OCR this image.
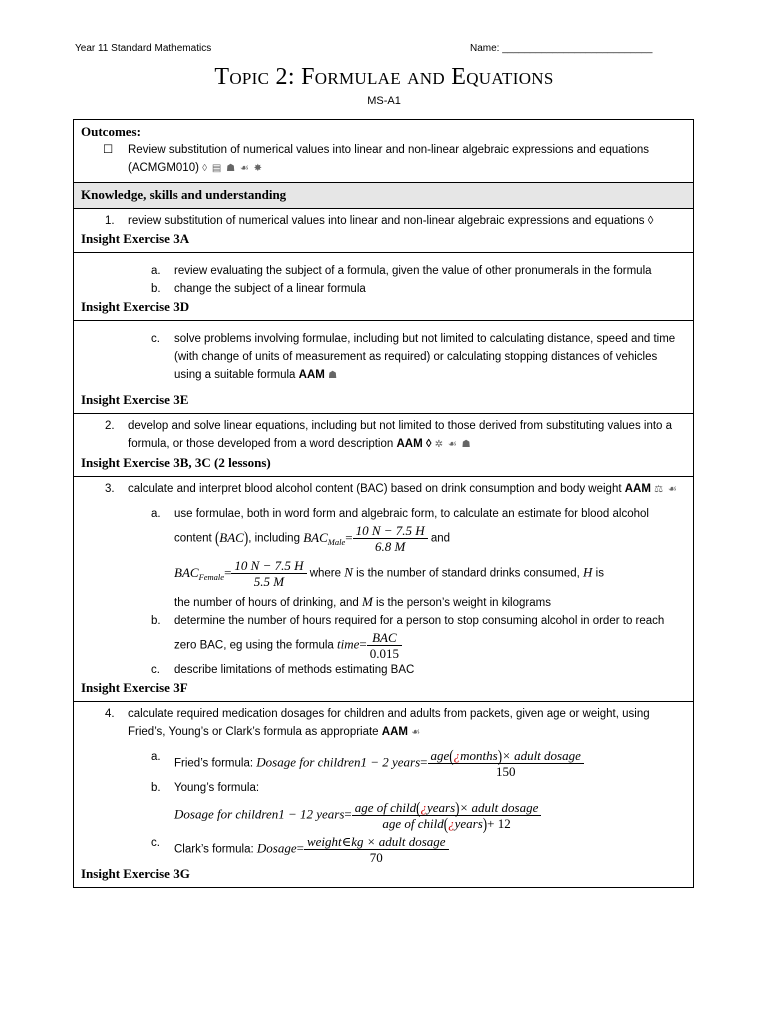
Year 11 Standard Mathematics	Name: ___________________________
Topic 2: Formulae and Equations
MS-A1
Outcomes:
☐ Review substitution of numerical values into linear and non-linear algebraic expressions and equations (ACMGM010) ◊ ▤ ☗ ☙ ✸

Knowledge, skills and understanding

1. review substitution of numerical values into linear and non-linear algebraic expressions and equations ◊
Insight Exercise 3A

a. review evaluating the subject of a formula, given the value of other pronumerals in the formula
b. change the subject of a linear formula
Insight Exercise 3D

c. solve problems involving formulae, including but not limited to calculating distance, speed and time (with change of units of measurement as required) or calculating stopping distances of vehicles using a suitable formula AAM ☗
Insight Exercise 3E

2. develop and solve linear equations, including but not limited to those derived from substituting values into a formula, or those developed from a word description AAM ◊ ✲ ☙ ☗
Insight Exercise 3B, 3C (2 lessons)

3. calculate and interpret blood alcohol content (BAC) based on drink consumption and body weight AAM ⚖ ☙
a. use formulae, both in word form and algebraic form, to calculate an estimate for blood alcohol content (BAC), including $BAC_{Male}= \frac{10 N - 7.5 H}{6.8 M}$ and
$BAC_{Female}= \frac{10 N - 7.5 H}{5.5 M}$ where N is the number of standard drinks consumed, H is
the number of hours of drinking, and M is the person’s weight in kilograms
b. determine the number of hours required for a person to stop consuming alcohol in order to reach zero BAC, eg using the formula time= $\frac{\text{BAC}}{0.015}$
c. describe limitations of methods estimating BAC
Insight Exercise 3F

4. calculate required medication dosages for children and adults from packets, given age or weight, using Fried’s, Young’s or Clark’s formula as appropriate AAM ☙
a.
Fried’s formula: Dosage for children1 − 2 years= $\frac{\text{age(¿months)× adult dosage}}{150}$
b. Young’s formula:
Dosage for children1 − 12 years= $\frac{\text{age of child(¿years)× adult dosage}}{\text{age of child(¿years)+ 12}}$
c.
Clark’s formula: Dosage= $\frac{\text{weight∈kg × adult dosage}}{70}$
Insight Exercise 3G
